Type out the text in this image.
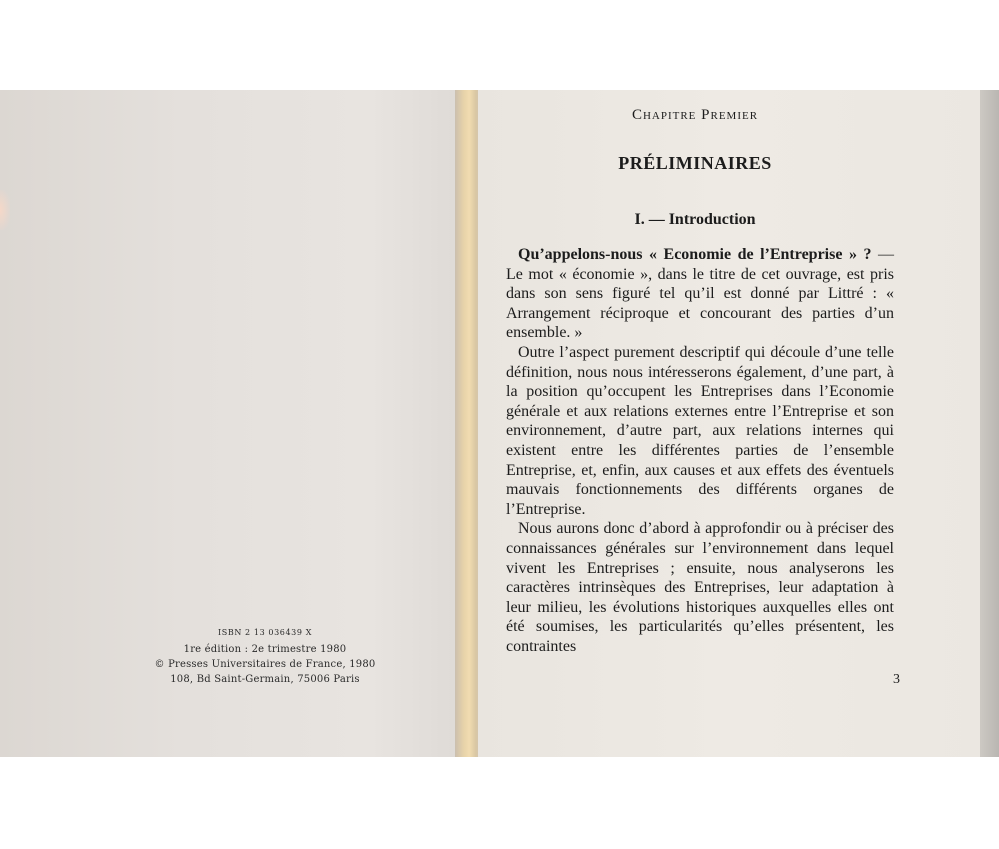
ISBN 2 13 036439 X
1re édition : 2e trimestre 1980
© Presses Universitaires de France, 1980
108, Bd Saint-Germain, 75006 Paris
Chapitre Premier
PRÉLIMINAIRES
I. — Introduction

Qu’appelons-nous « Economie de l’Entreprise » ? — Le mot « économie », dans le titre de cet ouvrage, est pris dans son sens figuré tel qu’il est donné par Littré : « Arrangement réciproque et concourant des parties d’un ensemble. »

Outre l’aspect purement descriptif qui découle d’une telle définition, nous nous intéresserons également, d’une part, à la position qu’occupent les Entreprises dans l’Economie générale et aux relations externes entre l’Entreprise et son environnement, d’autre part, aux relations internes qui existent entre les différentes parties de l’ensemble Entreprise, et, enfin, aux causes et aux effets des éventuels mauvais fonctionnements des différents organes de l’Entreprise.

Nous aurons donc d’abord à approfondir ou à préciser des connaissances générales sur l’environnement dans lequel vivent les Entreprises ; ensuite, nous analyserons les caractères intrinsèques des Entreprises, leur adaptation à leur milieu, les évolutions historiques auxquelles elles ont été soumises, les particularités qu’elles présentent, les contraintes

3
